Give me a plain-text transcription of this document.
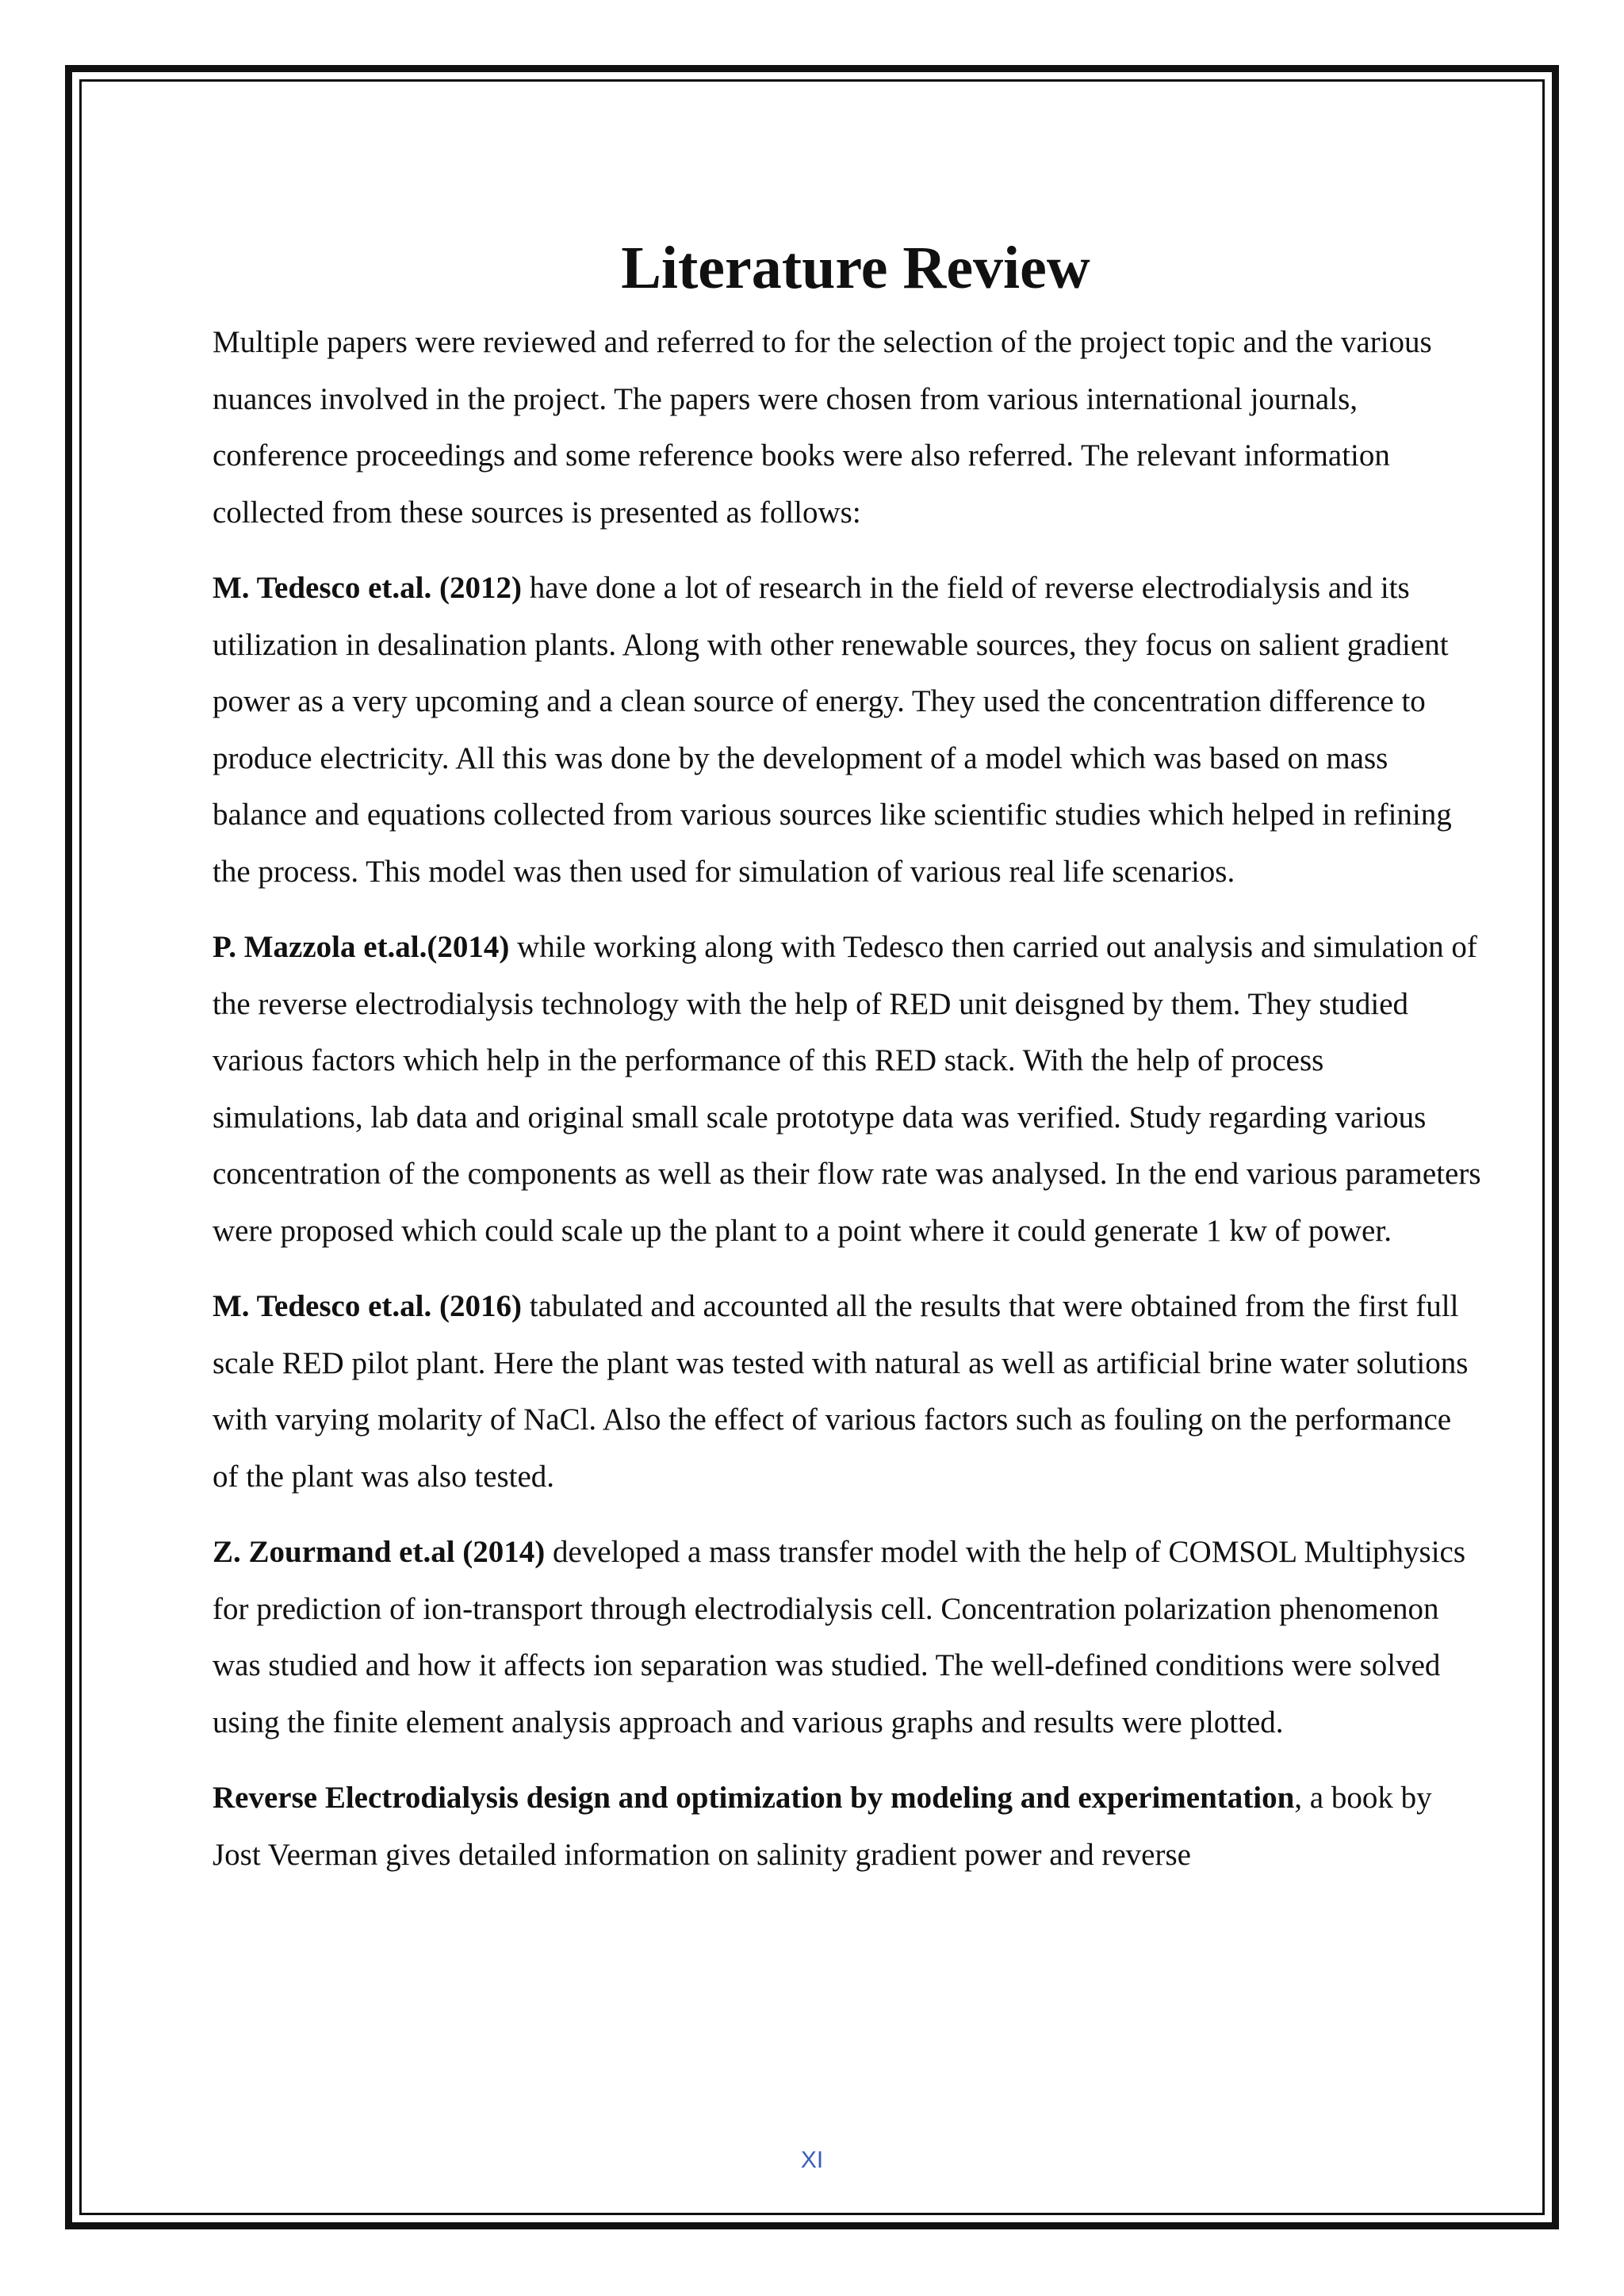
Literature Review

Multiple papers were reviewed and referred to for the selection of the project topic and the various nuances involved in the project. The papers were chosen from various international journals, conference proceedings and some reference books were also referred. The relevant information collected from these sources is presented as follows:

M. Tedesco et.al. (2012) have done a lot of research in the field of reverse electrodialysis and its utilization in desalination plants. Along with other renewable sources, they focus on salient gradient power as a very upcoming and a clean source of energy. They used the concentration difference to produce electricity. All this was done by the development of a model which was based on mass balance and equations collected from various sources like scientific studies which helped in refining the process. This model was then used for simulation of various real life scenarios.

P. Mazzola et.al.(2014) while working along with Tedesco then carried out analysis and simulation of the reverse electrodialysis technology with the help of RED unit deisgned by them. They studied various factors which help in the performance of this RED stack. With the help of process simulations, lab data and original small scale prototype data was verified. Study regarding various concentration of the components as well as their flow rate was analysed. In the end various parameters were proposed which could scale up the plant to a point where it could generate 1 kw of power.

M. Tedesco et.al. (2016) tabulated and accounted all the results that were obtained from the first full scale RED pilot plant. Here the plant was tested with natural as well as artificial brine water solutions with varying molarity of NaCl. Also the effect of various factors such as fouling on the performance of the plant was also tested.

Z. Zourmand et.al (2014) developed a mass transfer model with the help of COMSOL Multiphysics for prediction of ion-transport through electrodialysis cell. Concentration polarization phenomenon was studied and how it affects ion separation was studied. The well-defined conditions were solved using the finite element analysis approach and various graphs and results were plotted.

Reverse Electrodialysis design and optimization by modeling and experimentation, a book by Jost Veerman gives detailed information on salinity gradient power and reverse

XI
